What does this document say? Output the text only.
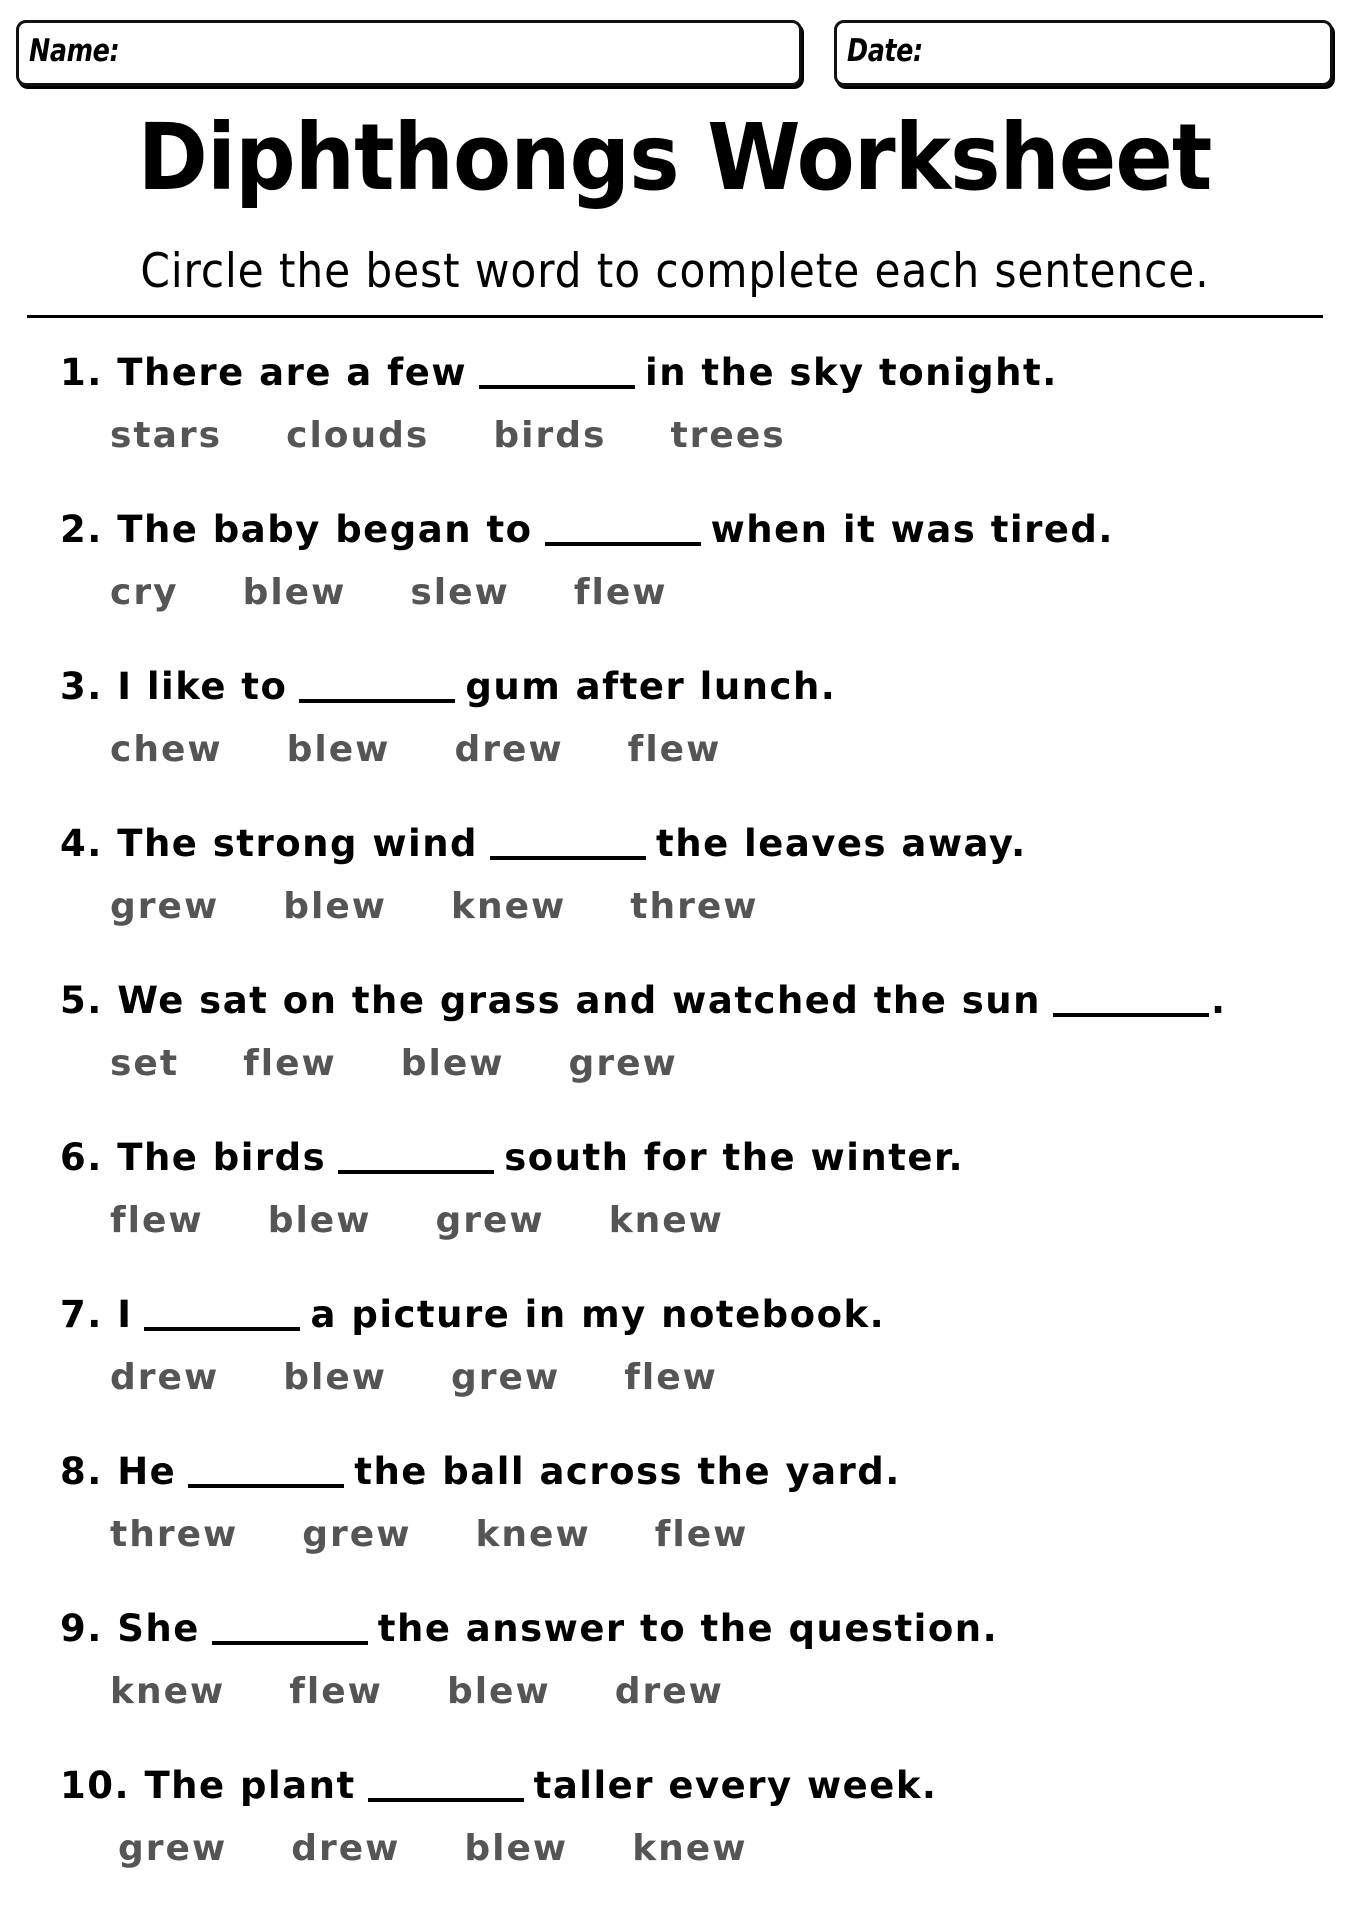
Name:	Date:
Diphthongs Worksheet
Circle the best word to complete each sentence.
1. There are a few	in the sky tonight.
stars clouds birds trees
2. The baby began to	when it was tired.
cry blew slew flew
3. I like to	gum after lunch.
chew blew drew flew
4. The strong wind	the leaves away.
grew blew knew threw
5. We sat on the grass and watched the sun	.
set flew blew grew
6. The birds	south for the winter.
flew blew grew knew
7. I	a picture in my notebook.
drew blew grew flew
8. He	the ball across the yard.
threw grew knew flew
9. She	the answer to the question.
knew flew blew drew
10. The plant	taller every week.
grew drew blew knew
